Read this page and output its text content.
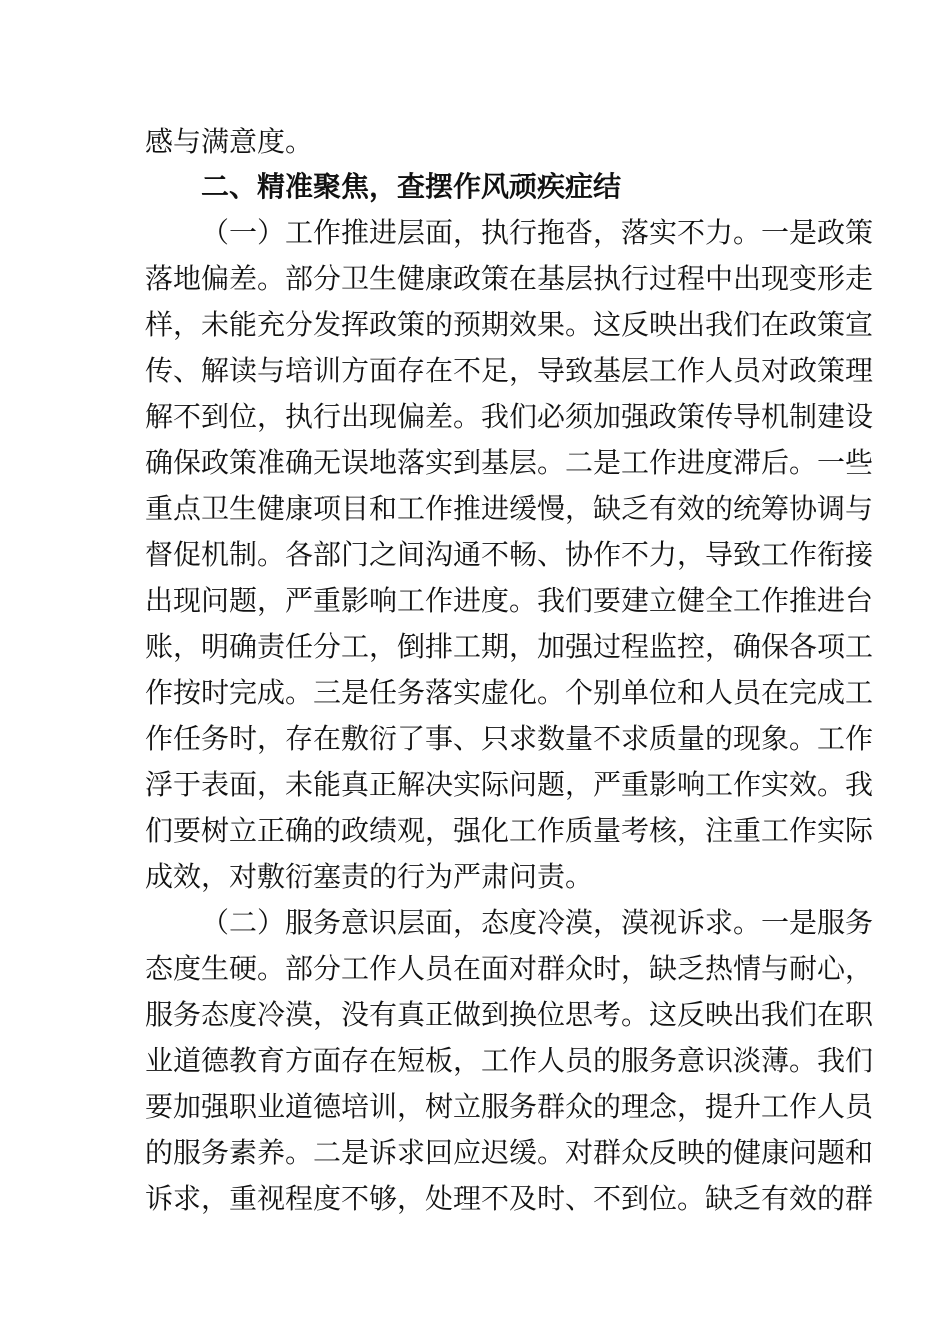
感与满意度。
二、精准聚焦，查摆作风顽疾症结
（一）工作推进层面，执行拖沓，落实不力。一是政策
落地偏差。部分卫生健康政策在基层执行过程中出现变形走
样，未能充分发挥政策的预期效果。这反映出我们在政策宣
传、解读与培训方面存在不足，导致基层工作人员对政策理
解不到位，执行出现偏差。我们必须加强政策传导机制建设
确保政策准确无误地落实到基层。二是工作进度滞后。一些
重点卫生健康项目和工作推进缓慢，缺乏有效的统筹协调与
督促机制。各部门之间沟通不畅、协作不力，导致工作衔接
出现问题，严重影响工作进度。我们要建立健全工作推进台
账，明确责任分工，倒排工期，加强过程监控，确保各项工
作按时完成。三是任务落实虚化。个别单位和人员在完成工
作任务时，存在敷衍了事、只求数量不求质量的现象。工作
浮于表面，未能真正解决实际问题，严重影响工作实效。我
们要树立正确的政绩观，强化工作质量考核，注重工作实际
成效，对敷衍塞责的行为严肃问责。
（二）服务意识层面，态度冷漠，漠视诉求。一是服务
态度生硬。部分工作人员在面对群众时，缺乏热情与耐心，
服务态度冷漠，没有真正做到换位思考。这反映出我们在职
业道德教育方面存在短板，工作人员的服务意识淡薄。我们
要加强职业道德培训，树立服务群众的理念，提升工作人员
的服务素养。二是诉求回应迟缓。对群众反映的健康问题和
诉求，重视程度不够，处理不及时、不到位。缺乏有效的群
